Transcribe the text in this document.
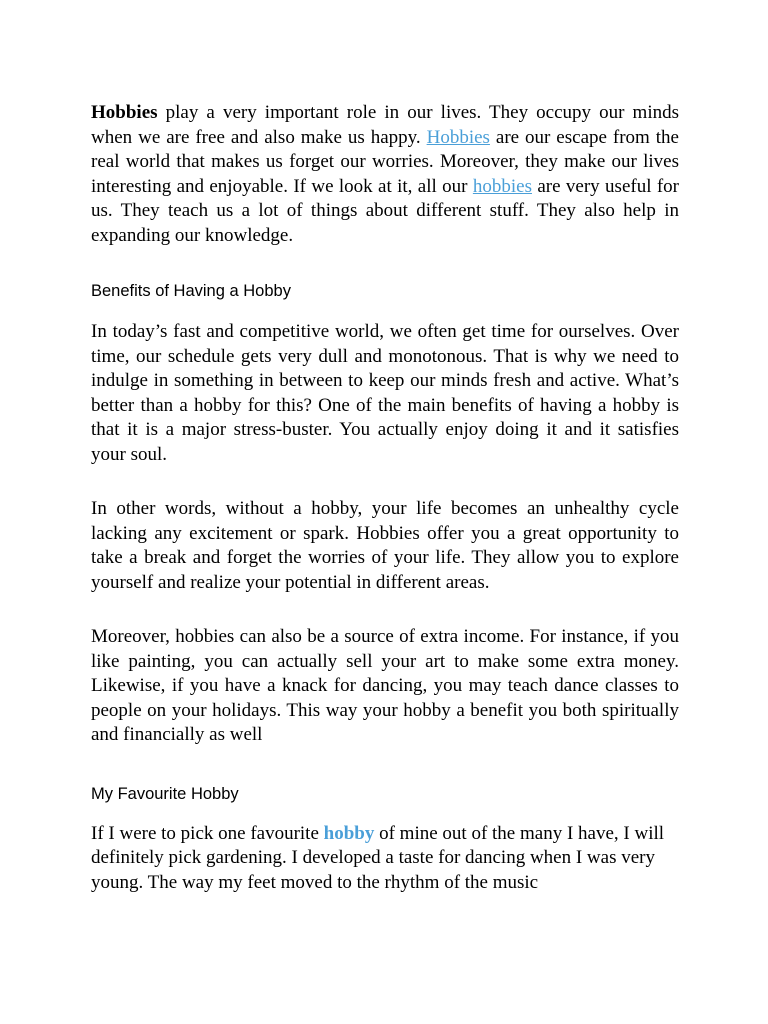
Hobbies play a very important role in our lives. They occupy our minds when we are free and also make us happy. Hobbies are our escape from the real world that makes us forget our worries. Moreover, they make our lives interesting and enjoyable. If we look at it, all our hobbies are very useful for us. They teach us a lot of things about different stuff. They also help in expanding our knowledge.

Benefits of Having a Hobby

In today’s fast and competitive world, we often get time for ourselves. Over time, our schedule gets very dull and monotonous. That is why we need to indulge in something in between to keep our minds fresh and active. What’s better than a hobby for this? One of the main benefits of having a hobby is that it is a major stress-buster. You actually enjoy doing it and it satisfies your soul.

In other words, without a hobby, your life becomes an unhealthy cycle lacking any excitement or spark. Hobbies offer you a great opportunity to take a break and forget the worries of your life. They allow you to explore yourself and realize your potential in different areas.

Moreover, hobbies can also be a source of extra income. For instance, if you like painting, you can actually sell your art to make some extra money. Likewise, if you have a knack for dancing, you may teach dance classes to people on your holidays. This way your hobby a benefit you both spiritually and financially as well

My Favourite Hobby

If I were to pick one favourite hobby of mine out of the many I have, I will definitely pick gardening. I developed a taste for dancing when I was very young. The way my feet moved to the rhythm of the music
